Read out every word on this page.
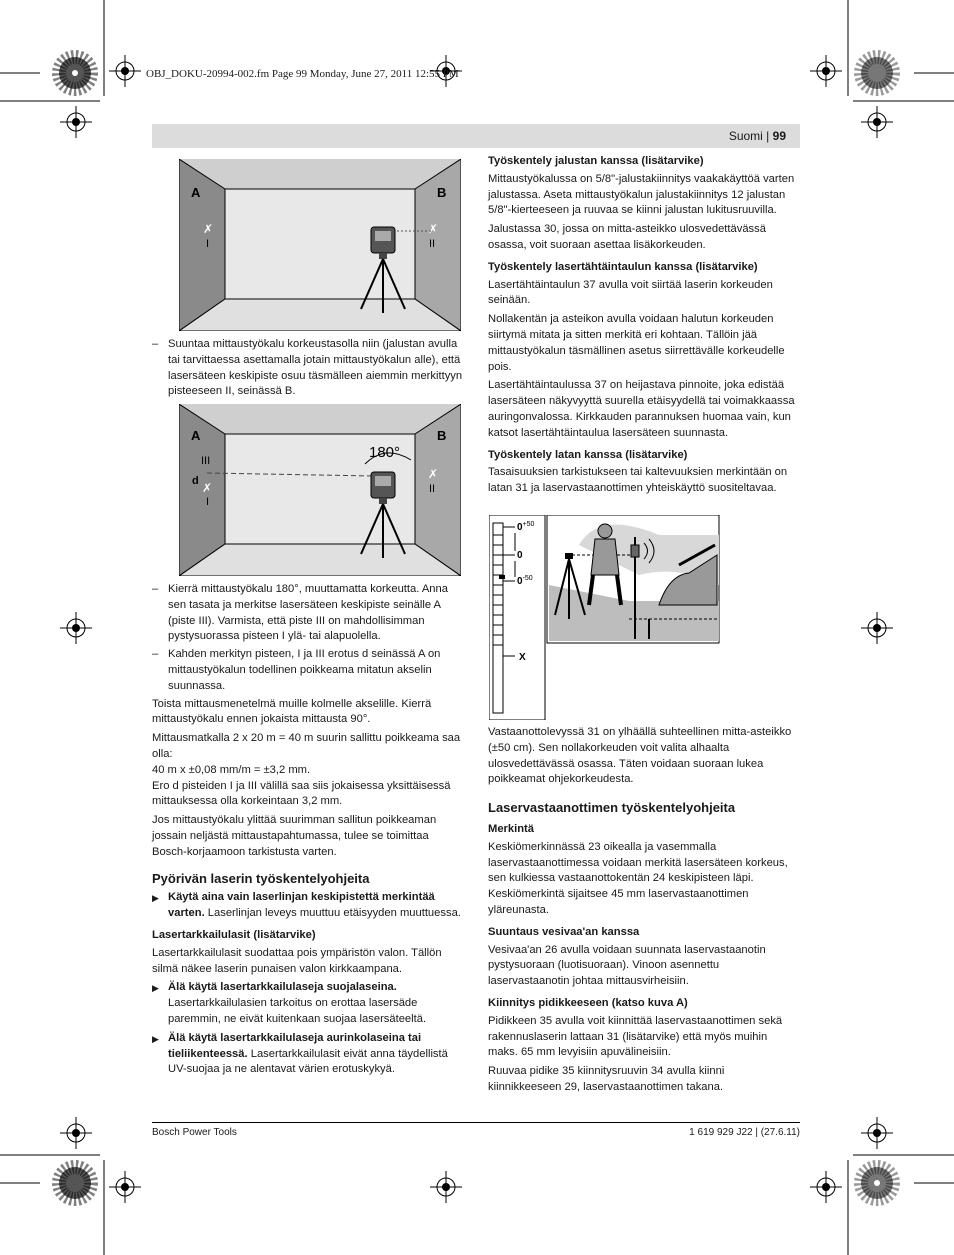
OBJ_DOKU-20994-002.fm Page 99 Monday, June 27, 2011 12:55 PM
Suomi | 99
A	B
✗
I
✗
II
– Suuntaa mittaustyökalu korkeustasolla niin (jalustan avulla tai tarvittaessa asettamalla jotain mittaustyökalun alle), että lasersäteen keskipiste osuu täsmälleen aiemmin merkittyyn pisteeseen II, seinässä B.
A	B
180°
III
d
I
✗
✗
II
– Kierrä mittaustyökalu 180°, muuttamatta korkeutta. Anna sen tasata ja merkitse lasersäteen keskipiste seinälle A (piste III). Varmista, että piste III on mahdollisimman pystysuorassa pisteen I ylä- tai alapuolella.
– Kahden merkityn pisteen, I ja III erotus d seinässä A on mittaustyökalun todellinen poikkeama mitatun akselin suunnassa.

Toista mittausmenetelmä muille kolmelle akselille. Kierrä mittaustyökalu ennen jokaista mittausta 90°.

Mittausmatkalla 2 x 20 m = 40 m suurin sallittu poikkeama saa olla:
40 m x ±0,08 mm/m = ±3,2 mm.
Ero d pisteiden I ja III välillä saa siis jokaisessa yksittäisessä mittauksessa olla korkeintaan 3,2 mm.

Jos mittaustyökalu ylittää suurimman sallitun poikkeaman jossain neljästä mittaustapahtumassa, tulee se toimittaa Bosch-korjaamoon tarkistusta varten.

Pyörivän laserin työskentelyohjeita
▶ Käytä aina vain laserlinjan keskipistettä merkintää varten. Laserlinjan leveys muuttuu etäisyyden muuttuessa.
Lasertarkkailulasit (lisätarvike)

Lasertarkkailulasit suodattaa pois ympäristön valon. Tällön silmä näkee laserin punaisen valon kirkkaampana.

▶ Älä käytä lasertarkkailulaseja suojalaseina. Lasertarkkailulasien tarkoitus on erottaa lasersäde paremmin, ne eivät kuitenkaan suojaa lasersäteeltä.
▶ Älä käytä lasertarkkailulaseja aurinkolaseina tai tieliikenteessä. Lasertarkkailulasit eivät anna täydellistä UV-suojaa ja ne alentavat värien erotuskykyä.
Työskentely jalustan kanssa (lisätarvike)

Mittaustyökalussa on 5/8"-jalustakiinnitys vaakakäyttöä varten jalustassa. Aseta mittaustyökalun jalustakiinnitys 12 jalustan 5/8"-kierteeseen ja ruuvaa se kiinni jalustan lukitusruuvilla.

Jalustassa 30, jossa on mitta-asteikko ulosvedettävässä osassa, voit suoraan asettaa lisäkorkeuden.

Työskentely lasertähtäintaulun kanssa (lisätarvike)

Lasertähtäintaulun 37 avulla voit siirtää laserin korkeuden seinään.

Nollakentän ja asteikon avulla voidaan halutun korkeuden siirtymä mitata ja sitten merkitä eri kohtaan. Tällöin jää mittaustyökalun täsmällinen asetus siirrettävälle korkeudelle pois.

Lasertähtäintaulussa 37 on heijastava pinnoite, joka edistää lasersäteen näkyvyyttä suurella etäisyydellä tai voimakkaassa auringonvalossa. Kirkkauden parannuksen huomaa vain, kun katsot lasertähtäintaulua lasersäteen suunnasta.

Työskentely latan kanssa (lisätarvike)

Tasaisuuksien tarkistukseen tai kaltevuuksien merkintään on latan 31 ja laservastaanottimen yhteiskäyttö suositeltavaa.

$0^{+50}$
0
$0^{-50}$
X

Vastaanottolevyssä 31 on ylhäällä suhteellinen mitta-asteikko (±50 cm). Sen nollakorkeuden voit valita alhaalta ulosvedettävässä osassa. Täten voidaan suoraan lukea poikkeamat ohjekorkeudesta.

Laservastaanottimen työskentelyohjeita
Merkintä

Keskiömerkinnässä 23 oikealla ja vasemmalla laservastaanottimessa voidaan merkitä lasersäteen korkeus, sen kulkiessa vastaanottokentän 24 keskipisteen läpi. Keskiömerkintä sijaitsee 45 mm laservastaanottimen yläreunasta.

Suuntaus vesivaa'an kanssa

Vesivaa'an 26 avulla voidaan suunnata laservastaanotin pystysuoraan (luotisuoraan). Vinoon asennettu laservastaanotin johtaa mittausvirheisiin.

Kiinnitys pidikkeeseen (katso kuva A)

Pidikkeen 35 avulla voit kiinnittää laservastaanottimen sekä rakennuslaserin lattaan 31 (lisätarvike) että myös muihin maks. 65 mm levyisiin apuvälineisiin.

Ruuvaa pidike 35 kiinnitysruuvin 34 avulla kiinni kiinnikkeeseen 29, laservastaanottimen takana.

Bosch Power Tools	1 619 929 J22 | (27.6.11)
